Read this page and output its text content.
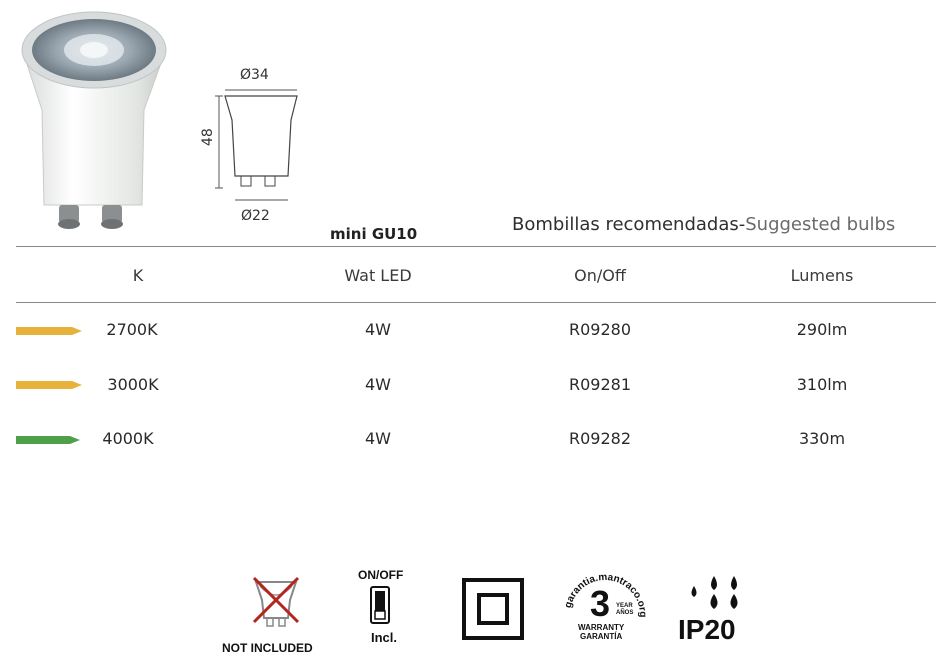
Ø34
48
Ø22
mini GU10	Bombillas recomendadas-Suggested bulbs
K	Wat LED	On/Off	Lumens
2700K	4W	R09280	290lm
3000K	4W	R09281	310lm
4000K	4W	R09282	330m
NOT INCLUDED
ON/OFF
Incl.
garantia.mantraco.org
3 YEAR
AÑOS
WARRANTY
GARANTÍA IP20
